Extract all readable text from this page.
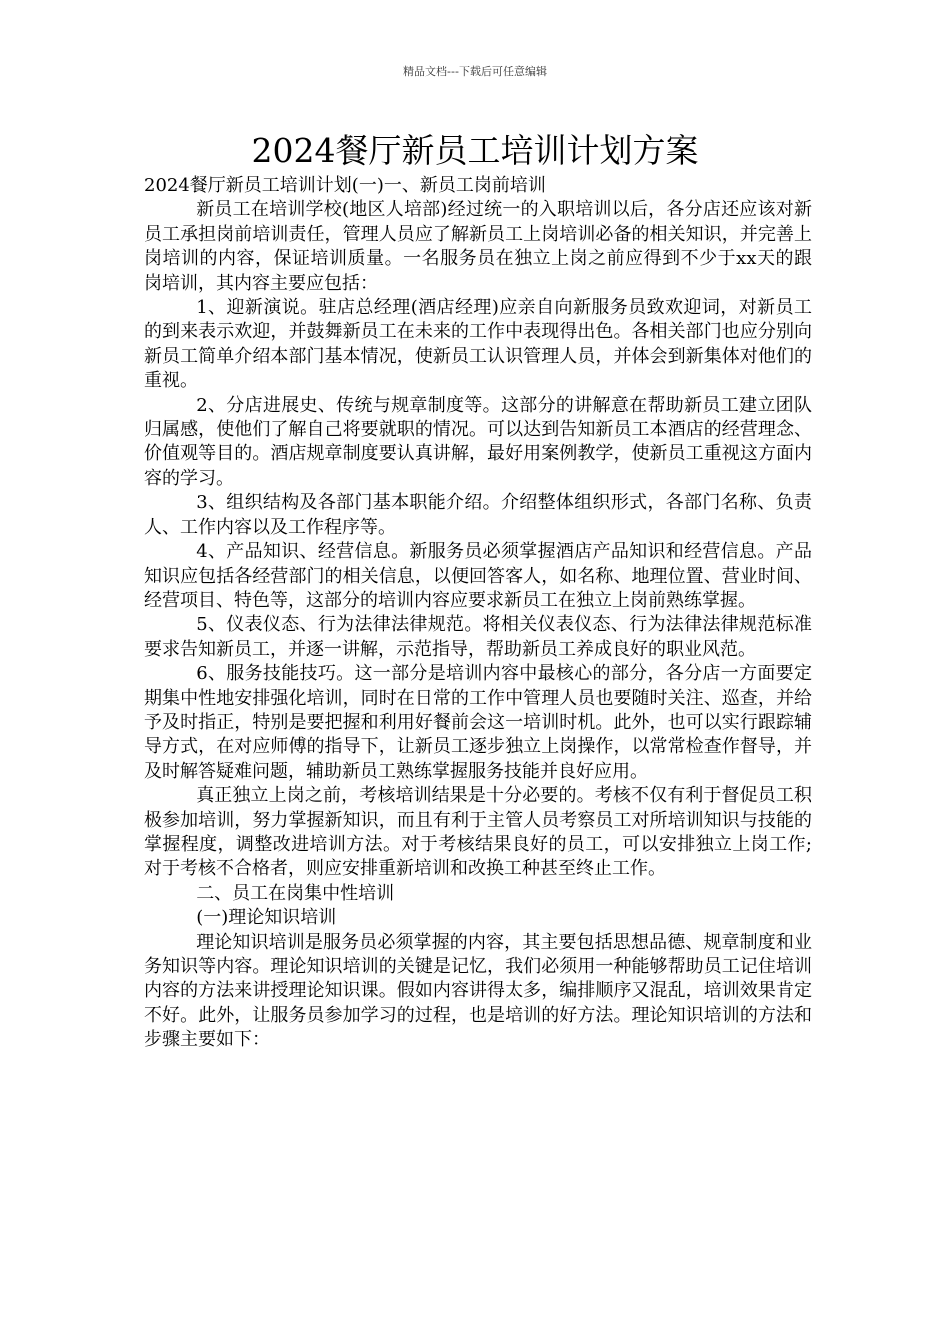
精品文档---下载后可任意编辑
2024餐厅新员工培训计划方案

2024餐厅新员工培训计划(一)一、新员工岗前培训

新员工在培训学校(地区人培部)经过统一的入职培训以后，各分店还应该对新员工承担岗前培训责任，管理人员应了解新员工上岗培训必备的相关知识，并完善上岗培训的内容，保证培训质量。一名服务员在独立上岗之前应得到不少于xx天的跟岗培训，其内容主要应包括：

1、迎新演说。驻店总经理(酒店经理)应亲自向新服务员致欢迎词，对新员工的到来表示欢迎，并鼓舞新员工在未来的工作中表现得出色。各相关部门也应分别向新员工简单介绍本部门基本情况，使新员工认识管理人员，并体会到新集体对他们的重视。

2、分店进展史、传统与规章制度等。这部分的讲解意在帮助新员工建立团队归属感，使他们了解自己将要就职的情况。可以达到告知新员工本酒店的经营理念、价值观等目的。酒店规章制度要认真讲解，最好用案例教学，使新员工重视这方面内容的学习。

3、组织结构及各部门基本职能介绍。介绍整体组织形式，各部门名称、负责人、工作内容以及工作程序等。

4、产品知识、经营信息。新服务员必须掌握酒店产品知识和经营信息。产品知识应包括各经营部门的相关信息，以便回答客人，如名称、地理位置、营业时间、经营项目、特色等，这部分的培训内容应要求新员工在独立上岗前熟练掌握。

5、仪表仪态、行为法律法律规范。将相关仪表仪态、行为法律法律规范标准要求告知新员工，并逐一讲解，示范指导，帮助新员工养成良好的职业风范。

6、服务技能技巧。这一部分是培训内容中最核心的部分，各分店一方面要定期集中性地安排强化培训，同时在日常的工作中管理人员也要随时关注、巡查，并给予及时指正，特别是要把握和利用好餐前会这一培训时机。此外，也可以实行跟踪辅导方式，在对应师傅的指导下，让新员工逐步独立上岗操作，以常常检查作督导，并及时解答疑难问题，辅助新员工熟练掌握服务技能并良好应用。

真正独立上岗之前，考核培训结果是十分必要的。考核不仅有利于督促员工积极参加培训，努力掌握新知识，而且有利于主管人员考察员工对所培训知识与技能的掌握程度，调整改进培训方法。对于考核结果良好的员工，可以安排独立上岗工作;对于考核不合格者，则应安排重新培训和改换工种甚至终止工作。

二、员工在岗集中性培训

(一)理论知识培训

理论知识培训是服务员必须掌握的内容，其主要包括思想品德、规章制度和业务知识等内容。理论知识培训的关键是记忆，我们必须用一种能够帮助员工记住培训内容的方法来讲授理论知识课。假如内容讲得太多，编排顺序又混乱，培训效果肯定不好。此外，让服务员参加学习的过程，也是培训的好方法。理论知识培训的方法和步骤主要如下：
